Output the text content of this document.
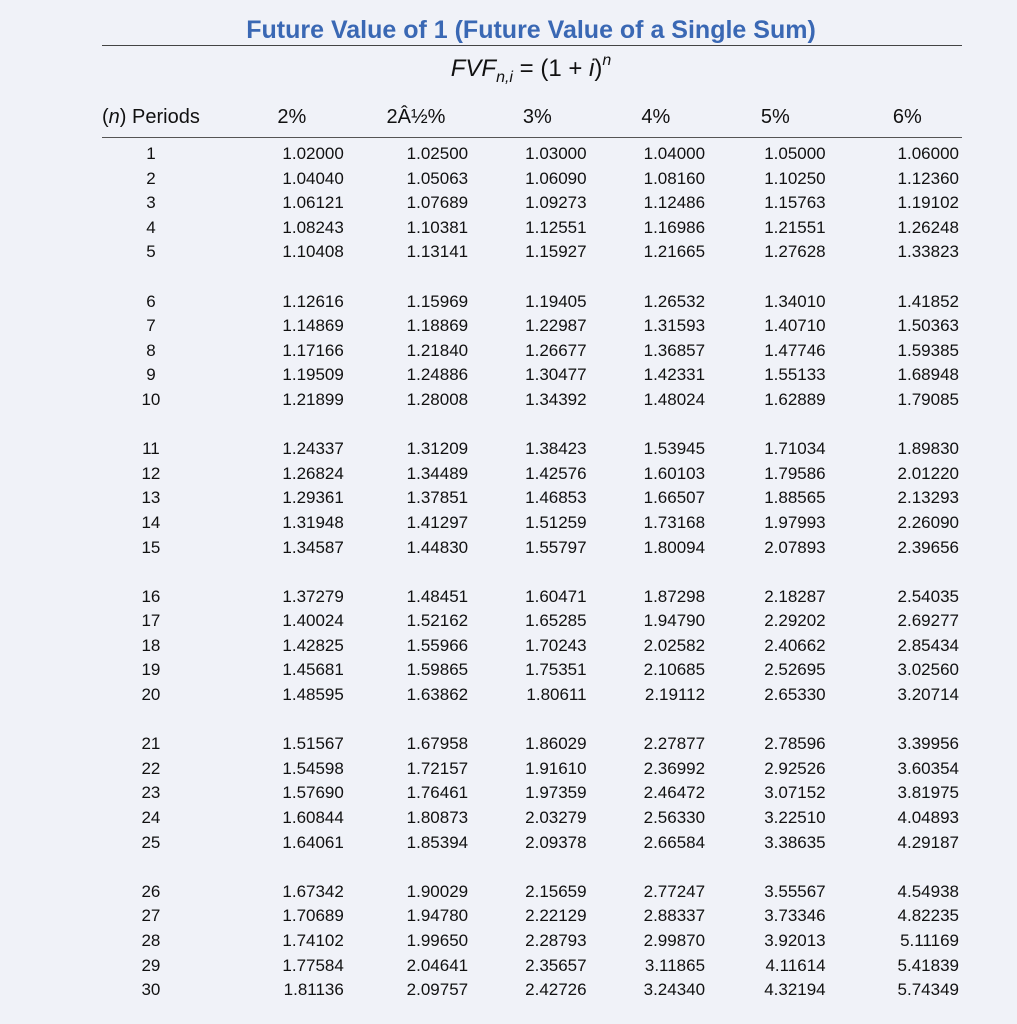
Future Value of 1 (Future Value of a Single Sum)
$FVF_{n,i} = (1 + i)^n$
(n) Periods	2%	2Â½%	3%	4%	5%	6%
1	1.02000	1.02500	1.03000	1.04000	1.05000	1.06000
2	1.04040	1.05063	1.06090	1.08160	1.10250	1.12360
3	1.06121	1.07689	1.09273	1.12486	1.15763	1.19102
4	1.08243	1.10381	1.12551	1.16986	1.21551	1.26248
5	1.10408	1.13141	1.15927	1.21665	1.27628	1.33823

6	1.12616	1.15969	1.19405	1.26532	1.34010	1.41852
7	1.14869	1.18869	1.22987	1.31593	1.40710	1.50363
8	1.17166	1.21840	1.26677	1.36857	1.47746	1.59385
9	1.19509	1.24886	1.30477	1.42331	1.55133	1.68948
10	1.21899	1.28008	1.34392	1.48024	1.62889	1.79085

11	1.24337	1.31209	1.38423	1.53945	1.71034	1.89830
12	1.26824	1.34489	1.42576	1.60103	1.79586	2.01220
13	1.29361	1.37851	1.46853	1.66507	1.88565	2.13293
14	1.31948	1.41297	1.51259	1.73168	1.97993	2.26090
15	1.34587	1.44830	1.55797	1.80094	2.07893	2.39656

16	1.37279	1.48451	1.60471	1.87298	2.18287	2.54035
17	1.40024	1.52162	1.65285	1.94790	2.29202	2.69277
18	1.42825	1.55966	1.70243	2.02582	2.40662	2.85434
19	1.45681	1.59865	1.75351	2.10685	2.52695	3.02560
20	1.48595	1.63862	1.80611	2.19112	2.65330	3.20714

21	1.51567	1.67958	1.86029	2.27877	2.78596	3.39956
22	1.54598	1.72157	1.91610	2.36992	2.92526	3.60354
23	1.57690	1.76461	1.97359	2.46472	3.07152	3.81975
24	1.60844	1.80873	2.03279	2.56330	3.22510	4.04893
25	1.64061	1.85394	2.09378	2.66584	3.38635	4.29187

26	1.67342	1.90029	2.15659	2.77247	3.55567	4.54938
27	1.70689	1.94780	2.22129	2.88337	3.73346	4.82235
28	1.74102	1.99650	2.28793	2.99870	3.92013	5.11169
29	1.77584	2.04641	2.35657	3.11865	4.11614	5.41839
30	1.81136	2.09757	2.42726	3.24340	4.32194	5.74349
